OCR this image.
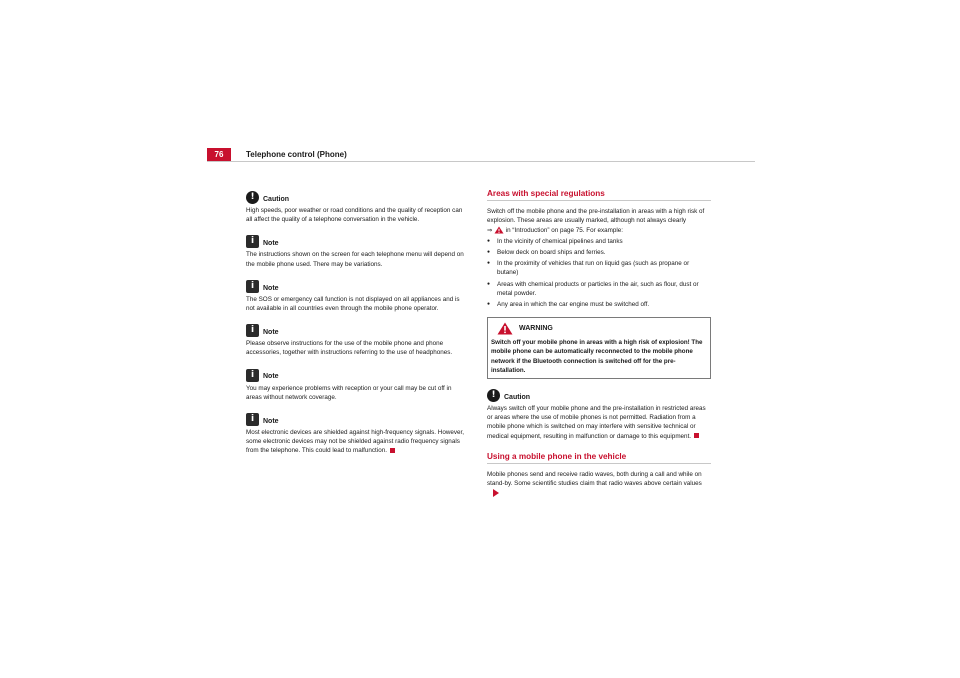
76	Telephone control (Phone)
!	Caution

High speeds, poor weather or road conditions and the quality of reception can all affect the quality of a telephone conversation in the vehicle.

i	Note

The instructions shown on the screen for each telephone menu will depend on the mobile phone used. There may be variations.

i	Note

The SOS or emergency call function is not displayed on all appliances and is not available in all countries even through the mobile phone operator.

i	Note

Please observe instructions for the use of the mobile phone and phone accessories, together with instructions referring to the use of headphones.

i	Note

You may experience problems with reception or your call may be cut off in areas without network coverage.

i	Note

Most electronic devices are shielded against high-frequency signals. However, some electronic devices may not be shielded against radio frequency signals from the telephone. This could lead to malfunction.

Areas with special regulations

Switch off the mobile phone and the pre-installation in areas with a high risk of explosion. These areas are usually marked, although not always clearly
⇒ in “Introduction” on page 75. For example:

● In the vicinity of chemical pipelines and tanks
● Below deck on board ships and ferries.
● In the proximity of vehicles that run on liquid gas (such as propane or butane)
● Areas with chemical products or particles in the air, such as flour, dust or metal powder.
● Any area in which the car engine must be switched off.
WARNING

Switch off your mobile phone in areas with a high risk of explosion! The mobile phone can be automatically reconnected to the mobile phone network if the Bluetooth connection is switched off for the pre-installation.

!	Caution

Always switch off your mobile phone and the pre-installation in restricted areas or areas where the use of mobile phones is not permitted. Radiation from a mobile phone which is switched on may interfere with sensitive technical or medical equipment, resulting in malfunction or damage to this equipment.

Using a mobile phone in the vehicle

Mobile phones send and receive radio waves, both during a call and while on stand-by. Some scientific studies claim that radio waves above certain values
